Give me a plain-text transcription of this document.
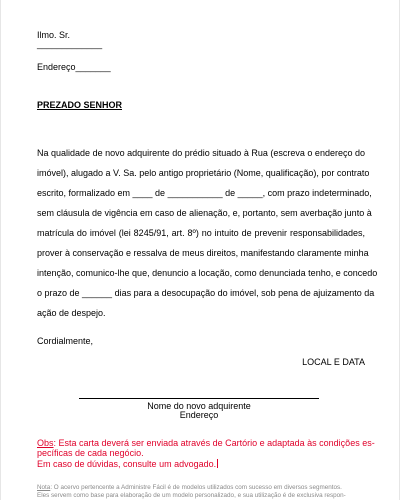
Ilmo. Sr.
_____________
Endereço_______
PREZADO SENHOR
Na qualidade de novo adquirente do prédio situado à Rua (escreva o endereço do
imóvel), alugado a V. Sa. pelo antigo proprietário (Nome, qualificação), por contrato
escrito, formalizado em ____ de ___________ de _____, com prazo indeterminado,
sem cláusula de vigência em caso de alienação, e, portanto, sem averbação junto à
matrícula do imóvel (lei 8245/91, art. 8º) no intuito de prevenir responsabilidades,
prover à conservação e ressalva de meus direitos, manifestando claramente minha
intenção, comunico-lhe que, denuncio a locação, como denunciada tenho, e concedo
o prazo de ______ dias para a desocupação do imóvel, sob pena de ajuizamento da
ação de despejo.
Cordialmente,
LOCAL E DATA
Nome do novo adquirente
Endereço
Obs: Esta carta deverá ser enviada através de Cartório e adaptada às condições es-
pecíficas de cada negócio.
Em caso de dúvidas, consulte um advogado.
Nota: O acervo pertencente a Administre Fácil é de modelos utilizados com sucesso em diversos segmentos.
Eles servem como base para elaboração de um modelo personalizado, e sua utilização é de exclusiva respon-
